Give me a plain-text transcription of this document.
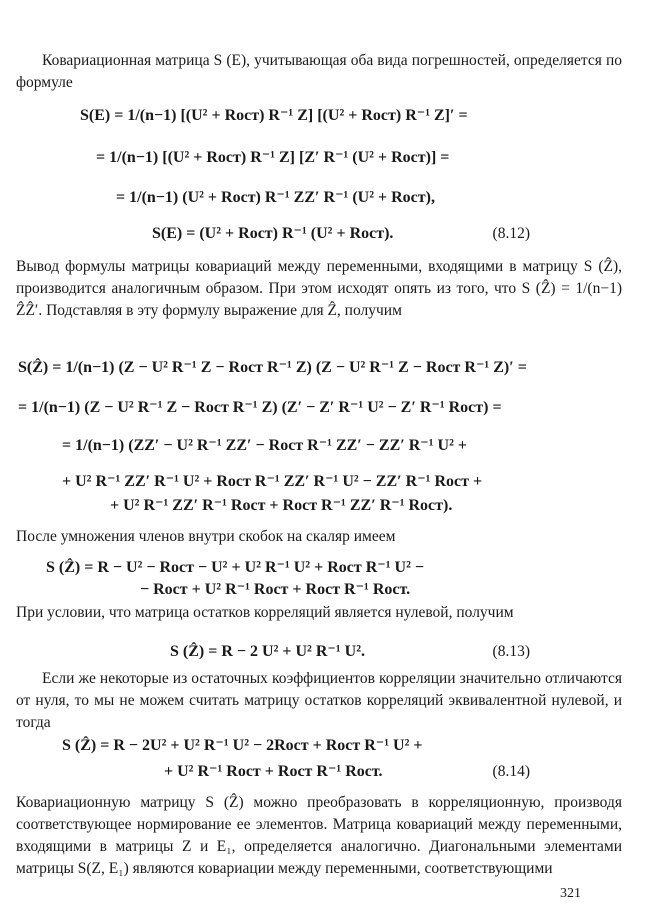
Ковариационная матрица S (E), учитывающая оба вида погрешностей, определяется по формуле
S(E) = 1/(n−1) [(U² + Rост) R⁻¹ Z] [(U² + Rост) R⁻¹ Z]′ =
= 1/(n−1) [(U² + Rост) R⁻¹ Z] [Z′ R⁻¹ (U² + Rост)] =
= 1/(n−1) (U² + Rост) R⁻¹ ZZ′ R⁻¹ (U² + Rост),
S(E) = (U² + Rост) R⁻¹ (U² + Rост).	(8.12)
Вывод формулы матрицы ковариаций между переменными, входящими в матрицу S (Ẑ), производится аналогичным образом. При этом исходят опять из того, что S (Ẑ) = 1/(n−1) ẐẐ′. Подставляя в эту формулу выражение для Ẑ, получим
S(Ẑ) = 1/(n−1) (Z − U² R⁻¹ Z − Rост R⁻¹ Z) (Z − U² R⁻¹ Z − Rост R⁻¹ Z)′ =
= 1/(n−1) (Z − U² R⁻¹ Z − Rост R⁻¹ Z) (Z′ − Z′ R⁻¹ U² − Z′ R⁻¹ Rост) =
= 1/(n−1) (ZZ′ − U² R⁻¹ ZZ′ − Rост R⁻¹ ZZ′ − ZZ′ R⁻¹ U² +
+ U² R⁻¹ ZZ′ R⁻¹ U² + Rост R⁻¹ ZZ′ R⁻¹ U² − ZZ′ R⁻¹ Rост +
+ U² R⁻¹ ZZ′ R⁻¹ Rост + Rост R⁻¹ ZZ′ R⁻¹ Rост).
После умножения членов внутри скобок на скаляр имеем
S (Ẑ) = R − U² − Rост − U² + U² R⁻¹ U² + Rост R⁻¹ U² −
− Rост + U² R⁻¹ Rост + Rост R⁻¹ Rост.
При условии, что матрица остатков корреляций является нулевой, получим
S (Ẑ) = R − 2 U² + U² R⁻¹ U².	(8.13)
Если же некоторые из остаточных коэффициентов корреляции значительно отличаются от нуля, то мы не можем считать матрицу остатков корреляций эквивалентной нулевой, и тогда
S (Ẑ) = R − 2U² + U² R⁻¹ U² − 2Rост + Rост R⁻¹ U² +
+ U² R⁻¹ Rост + Rост R⁻¹ Rост.	(8.14)
Ковариационную матрицу S (Ẑ) можно преобразовать в корреляционную, производя соответствующее нормирование ее элементов. Матрица ковариаций между переменными, входящими в матрицы Z и E₁, определяется аналогично. Диагональными элементами матрицы S(Z, E₁) являются ковариации между переменными, соответствующими
321
